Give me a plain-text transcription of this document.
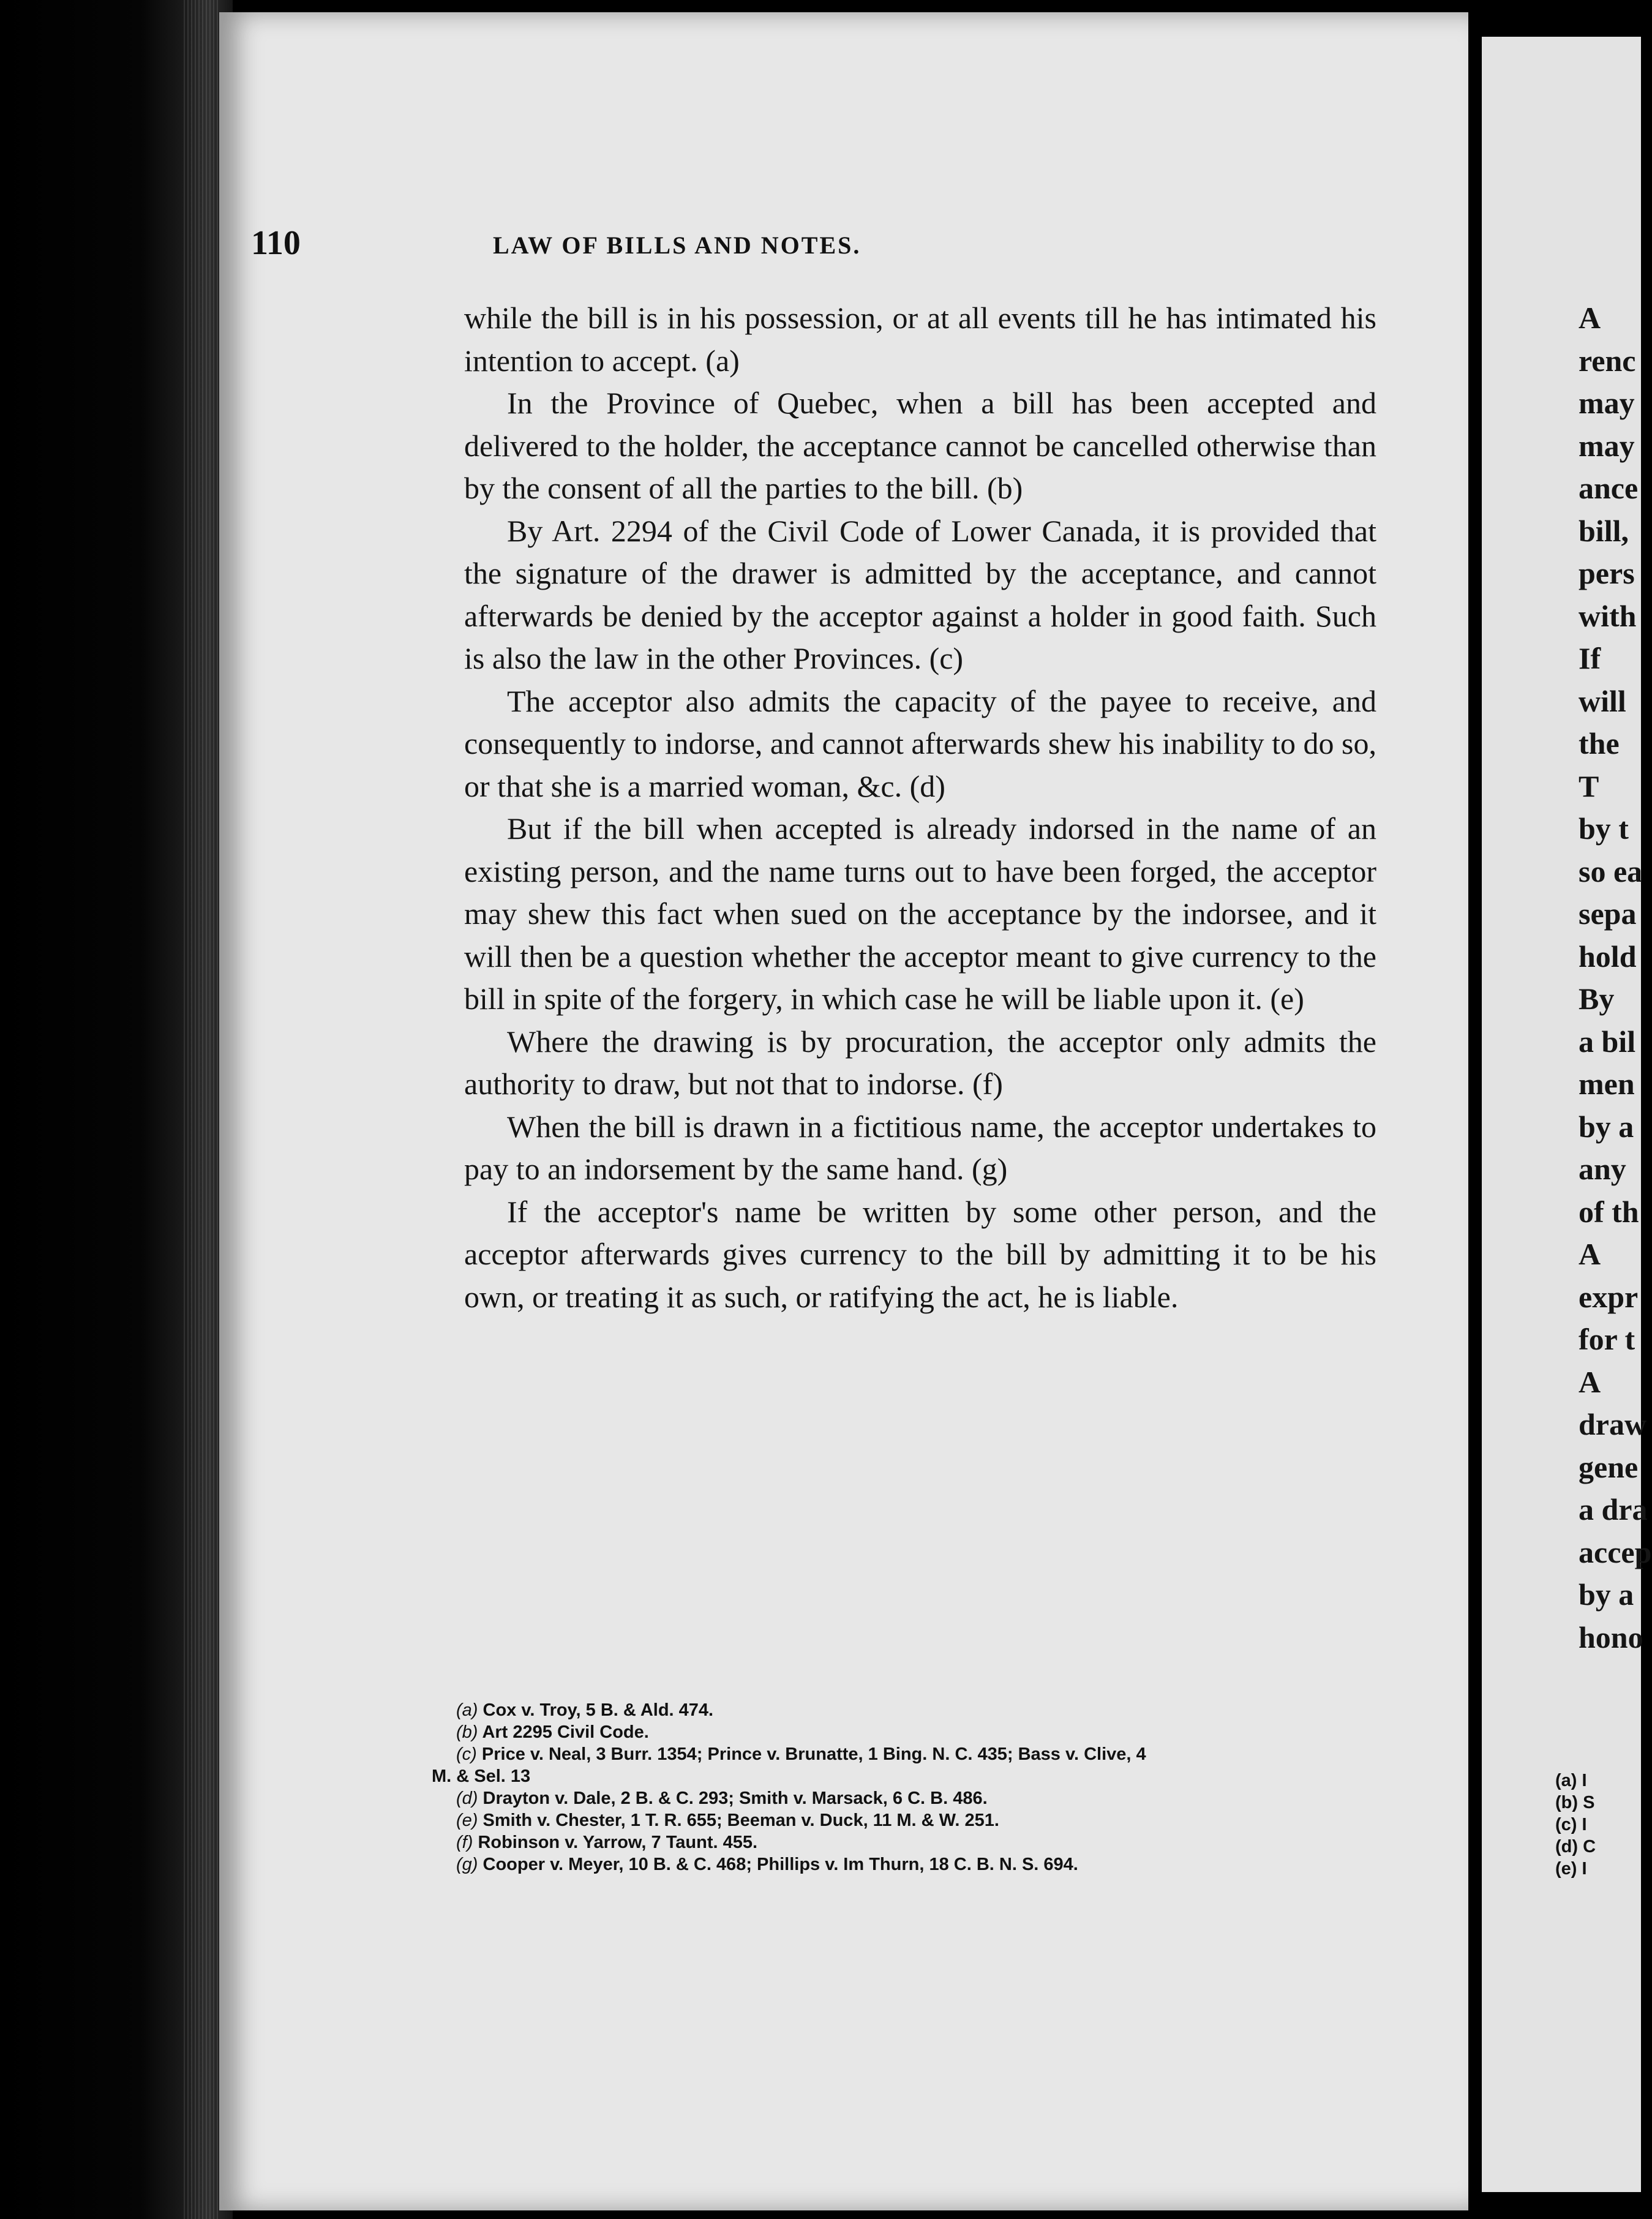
110	LAW OF BILLS AND NOTES.

while the bill is in his possession, or at all events till he has intimated his intention to accept. (a)

In the Province of Quebec, when a bill has been accepted and delivered to the holder, the acceptance cannot be cancelled otherwise than by the consent of all the parties to the bill. (b)

By Art. 2294 of the Civil Code of Lower Canada, it is provided that the signature of the drawer is admitted by the acceptance, and cannot afterwards be denied by the acceptor against a holder in good faith. Such is also the law in the other Provinces. (c)

The acceptor also admits the capacity of the payee to receive, and consequently to indorse, and cannot afterwards shew his inability to do so, or that she is a married woman, &c. (d)

But if the bill when accepted is already indorsed in the name of an existing person, and the name turns out to have been forged, the acceptor may shew this fact when sued on the acceptance by the indorsee, and it will then be a question whether the acceptor meant to give currency to the bill in spite of the forgery, in which case he will be liable upon it. (e)

Where the drawing is by procuration, the acceptor only admits the authority to draw, but not that to indorse. (f)

When the bill is drawn in a fictitious name, the acceptor undertakes to pay to an indorsement by the same hand. (g)

If the acceptor's name be written by some other person, and the acceptor afterwards gives currency to the bill by admitting it to be his own, or treating it as such, or ratifying the act, he is liable.

(a) Cox v. Troy, 5 B. & Ald. 474.
(b) Art 2295 Civil Code.
(c) Price v. Neal, 3 Burr. 1354; Prince v. Brunatte, 1 Bing. N. C. 435; Bass v. Clive, 4
M. & Sel. 13
(d) Drayton v. Dale, 2 B. & C. 293; Smith v. Marsack, 6 C. B. 486.
(e) Smith v. Chester, 1 T. R. 655; Beeman v. Duck, 11 M. & W. 251.
(f) Robinson v. Yarrow, 7 Taunt. 455.
(g) Cooper v. Meyer, 10 B. & C. 468; Phillips v. Im Thurn, 18 C. B. N. S. 694.
A
renc
may
may
ance
bill,
pers
with
If
will
the
T
by t
so ea
sepa
hold
By
a bil
men
by a
any
of th
A
expr
for t
A
draw
gene
a dra
accep
by a
hono
(a) I
(b) S
(c) I
(d) C
(e) I
